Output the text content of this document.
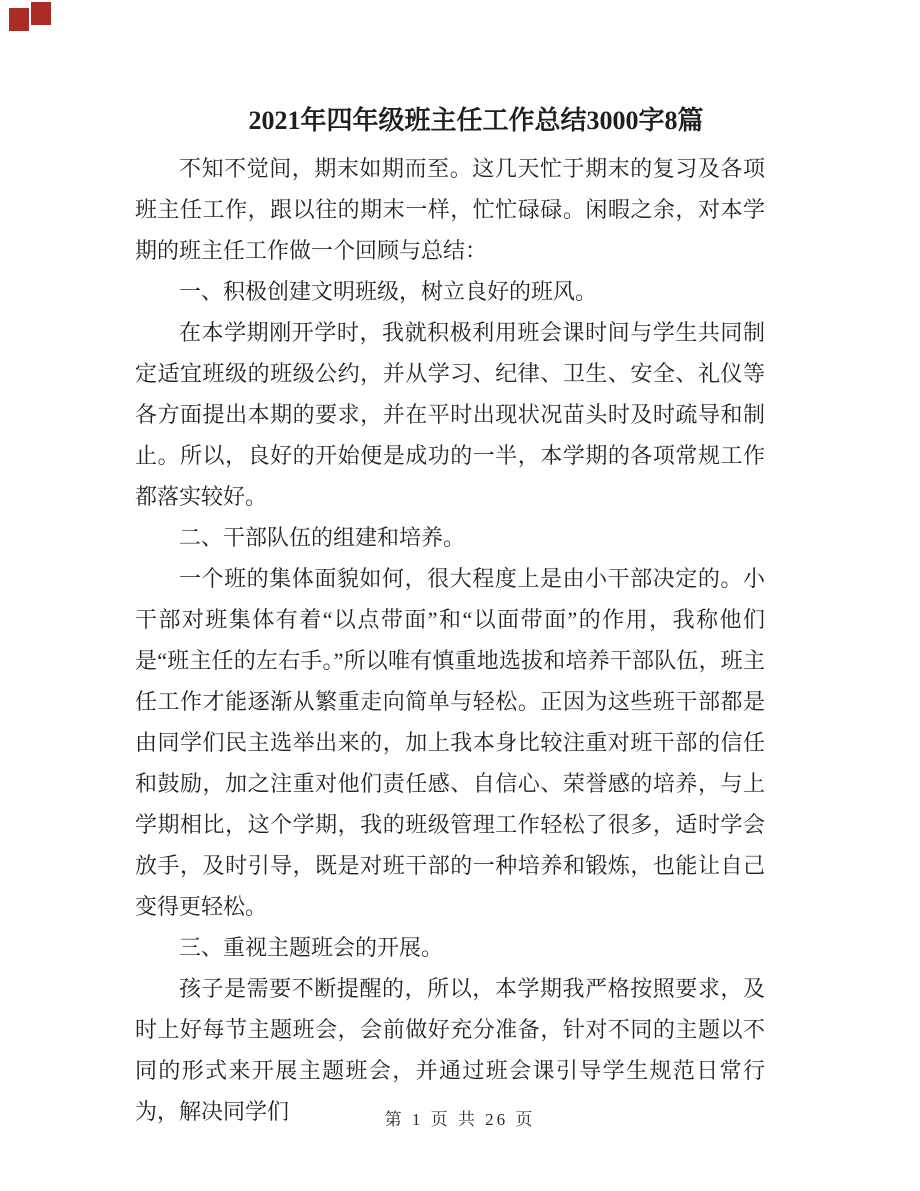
2021年四年级班主任工作总结3000字8篇

不知不觉间，期末如期而至。这几天忙于期末的复习及各项班主任工作，跟以往的期末一样，忙忙碌碌。闲暇之余，对本学期的班主任工作做一个回顾与总结：

一、积极创建文明班级，树立良好的班风。

在本学期刚开学时，我就积极利用班会课时间与学生共同制定适宜班级的班级公约，并从学习、纪律、卫生、安全、礼仪等各方面提出本期的要求，并在平时出现状况苗头时及时疏导和制止。所以，良好的开始便是成功的一半，本学期的各项常规工作都落实较好。

二、干部队伍的组建和培养。

一个班的集体面貌如何，很大程度上是由小干部决定的。小干部对班集体有着“以点带面”和“以面带面”的作用，我称他们是“班主任的左右手。”所以唯有慎重地选拔和培养干部队伍，班主任工作才能逐渐从繁重走向简单与轻松。正因为这些班干部都是由同学们民主选举出来的，加上我本身比较注重对班干部的信任和鼓励，加之注重对他们责任感、自信心、荣誉感的培养，与上学期相比，这个学期，我的班级管理工作轻松了很多，适时学会放手，及时引导，既是对班干部的一种培养和锻炼，也能让自己变得更轻松。

三、重视主题班会的开展。

孩子是需要不断提醒的，所以，本学期我严格按照要求，及时上好每节主题班会，会前做好充分准备，针对不同的主题以不同的形式来开展主题班会，并通过班会课引导学生规范日常行为，解决同学们	第 1 页 共 26 页
